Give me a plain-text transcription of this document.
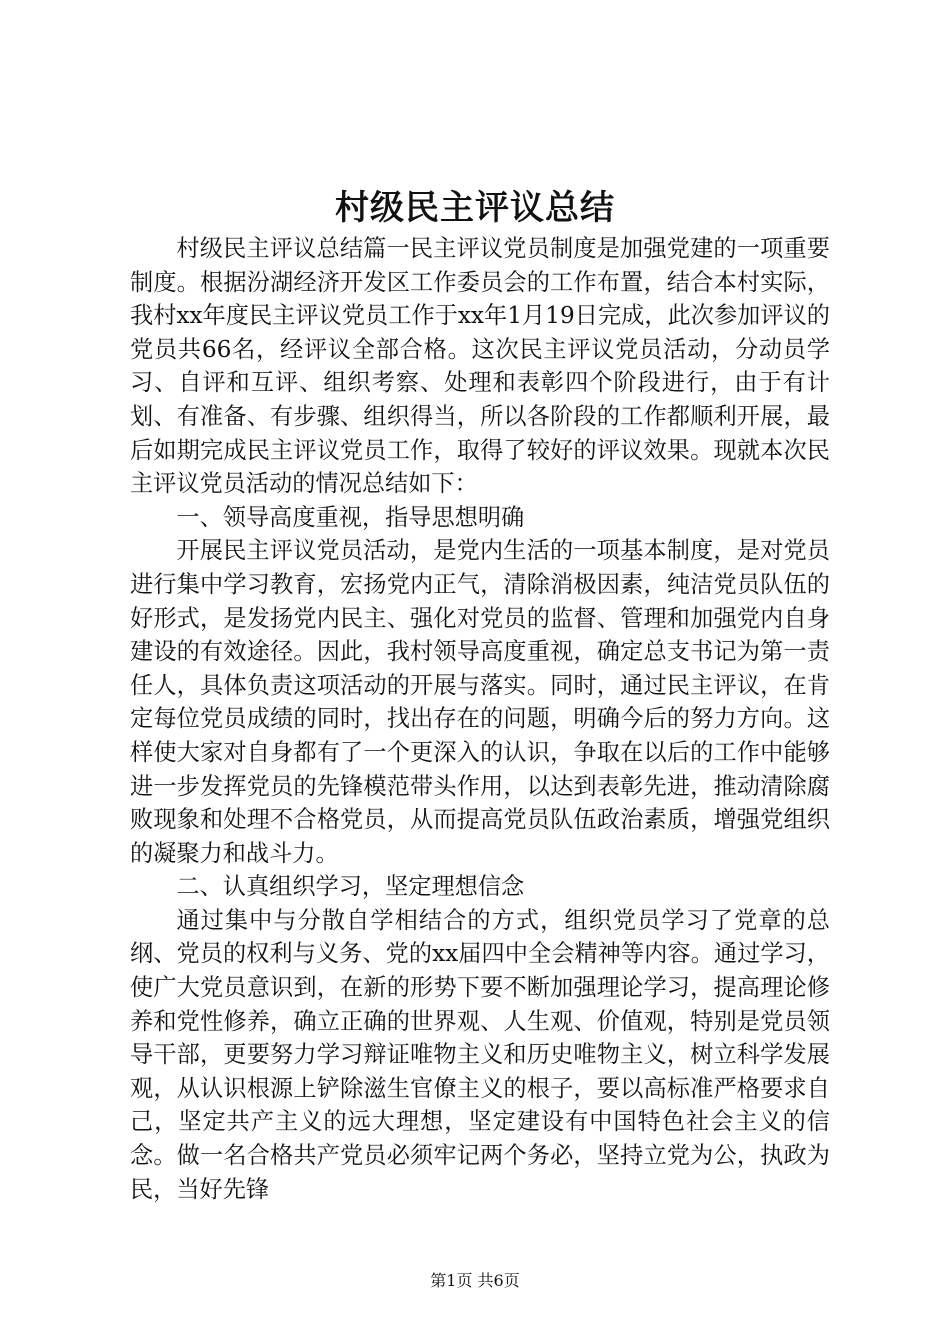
村级民主评议总结

村级民主评议总结篇一民主评议党员制度是加强党建的一项重要制度。根据汾湖经济开发区工作委员会的工作布置，结合本村实际，我村xx年度民主评议党员工作于xx年1月19日完成，此次参加评议的党员共66名，经评议全部合格。这次民主评议党员活动，分动员学习、自评和互评、组织考察、处理和表彰四个阶段进行，由于有计划、有准备、有步骤、组织得当，所以各阶段的工作都顺利开展，最后如期完成民主评议党员工作，取得了较好的评议效果。现就本次民主评议党员活动的情况总结如下：

一、领导高度重视，指导思想明确

开展民主评议党员活动，是党内生活的一项基本制度，是对党员进行集中学习教育，宏扬党内正气，清除消极因素，纯洁党员队伍的好形式，是发扬党内民主、强化对党员的监督、管理和加强党内自身建设的有效途径。因此，我村领导高度重视，确定总支书记为第一责任人，具体负责这项活动的开展与落实。同时，通过民主评议，在肯定每位党员成绩的同时，找出存在的问题，明确今后的努力方向。这样使大家对自身都有了一个更深入的认识，争取在以后的工作中能够进一步发挥党员的先锋模范带头作用，以达到表彰先进，推动清除腐败现象和处理不合格党员，从而提高党员队伍政治素质，增强党组织的凝聚力和战斗力。

二、认真组织学习，坚定理想信念

通过集中与分散自学相结合的方式，组织党员学习了党章的总纲、党员的权利与义务、党的xx届四中全会精神等内容。通过学习，使广大党员意识到，在新的形势下要不断加强理论学习，提高理论修养和党性修养，确立正确的世界观、人生观、价值观，特别是党员领导干部，更要努力学习辩证唯物主义和历史唯物主义，树立科学发展观，从认识根源上铲除滋生官僚主义的根子，要以高标准严格要求自己，坚定共产主义的远大理想，坚定建设有中国特色社会主义的信念。做一名合格共产党员必须牢记两个务必，坚持立党为公，执政为民，当好先锋

第1页 共6页
